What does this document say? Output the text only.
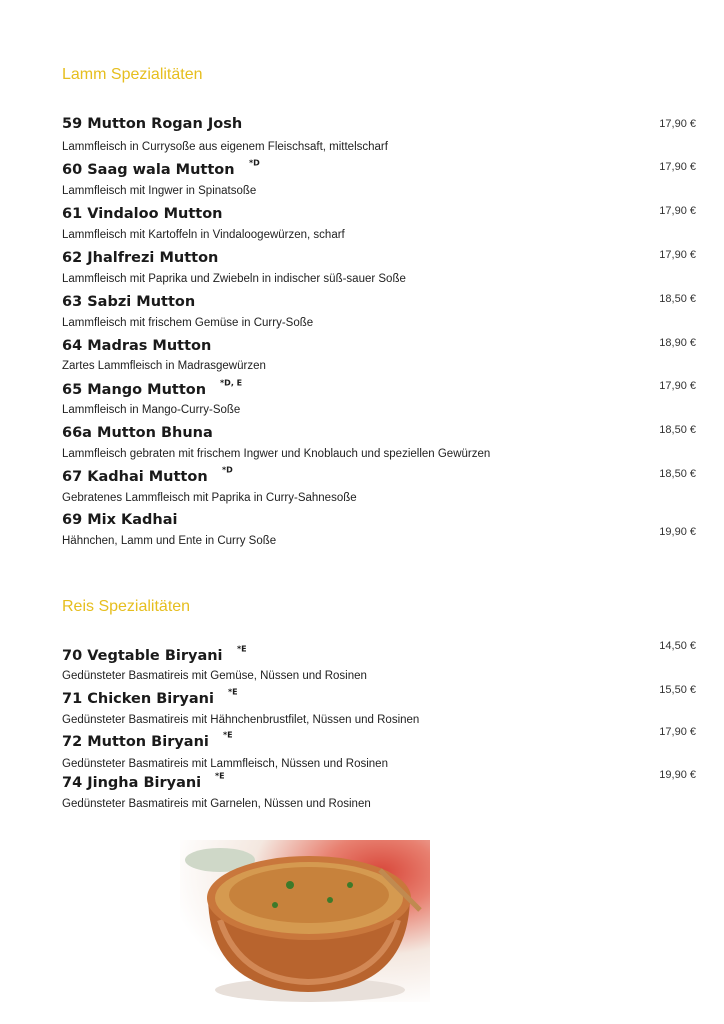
Lamm Spezialitäten
Reis Spezialitäten
59 Mutton Rogan Josh
Lammfleisch in Currysoße aus eigenem Fleischsaft, mittelscharf
17,90 €
60 Saag wala Mutton
Lammfleisch mit Ingwer in Spinatsoße
17,90 €
*D
61 Vindaloo Mutton
Lammfleisch mit Kartoffeln in Vindaloogewürzen, scharf
17,90 €
62 Jhalfrezi Mutton
Lammfleisch mit Paprika und Zwiebeln in indischer süß-sauer Soße
17,90 €
63 Sabzi Mutton
Lammfleisch mit frischem Gemüse in Curry-Soße
18,50 €
64 Madras Mutton
Zartes Lammfleisch in Madrasgewürzen
18,90 €
65 Mango Mutton
Lammfleisch in Mango-Curry-Soße
17,90 €
*D, E
66a Mutton Bhuna
Lammfleisch gebraten mit frischem Ingwer und Knoblauch und speziellen Gewürzen
18,50 €
67 Kadhai Mutton
Gebratenes Lammfleisch mit Paprika in Curry-Sahnesoße
18,50 €
*D
69 Mix Kadhai
Hähnchen, Lamm und Ente in Curry Soße
19,90 €
70 Vegtable Biryani
Gedünsteter Basmatireis mit Gemüse, Nüssen und Rosinen
14,50 €
*E
71 Chicken Biryani
Gedünsteter Basmatireis mit Hähnchenbrustfilet, Nüssen und Rosinen
15,50 €
*E
72 Mutton Biryani
Gedünsteter Basmatireis mit Lammfleisch, Nüssen und Rosinen
17,90 €
*E
74 Jingha Biryani
Gedünsteter Basmatireis mit Garnelen, Nüssen und Rosinen
19,90 €
*E
